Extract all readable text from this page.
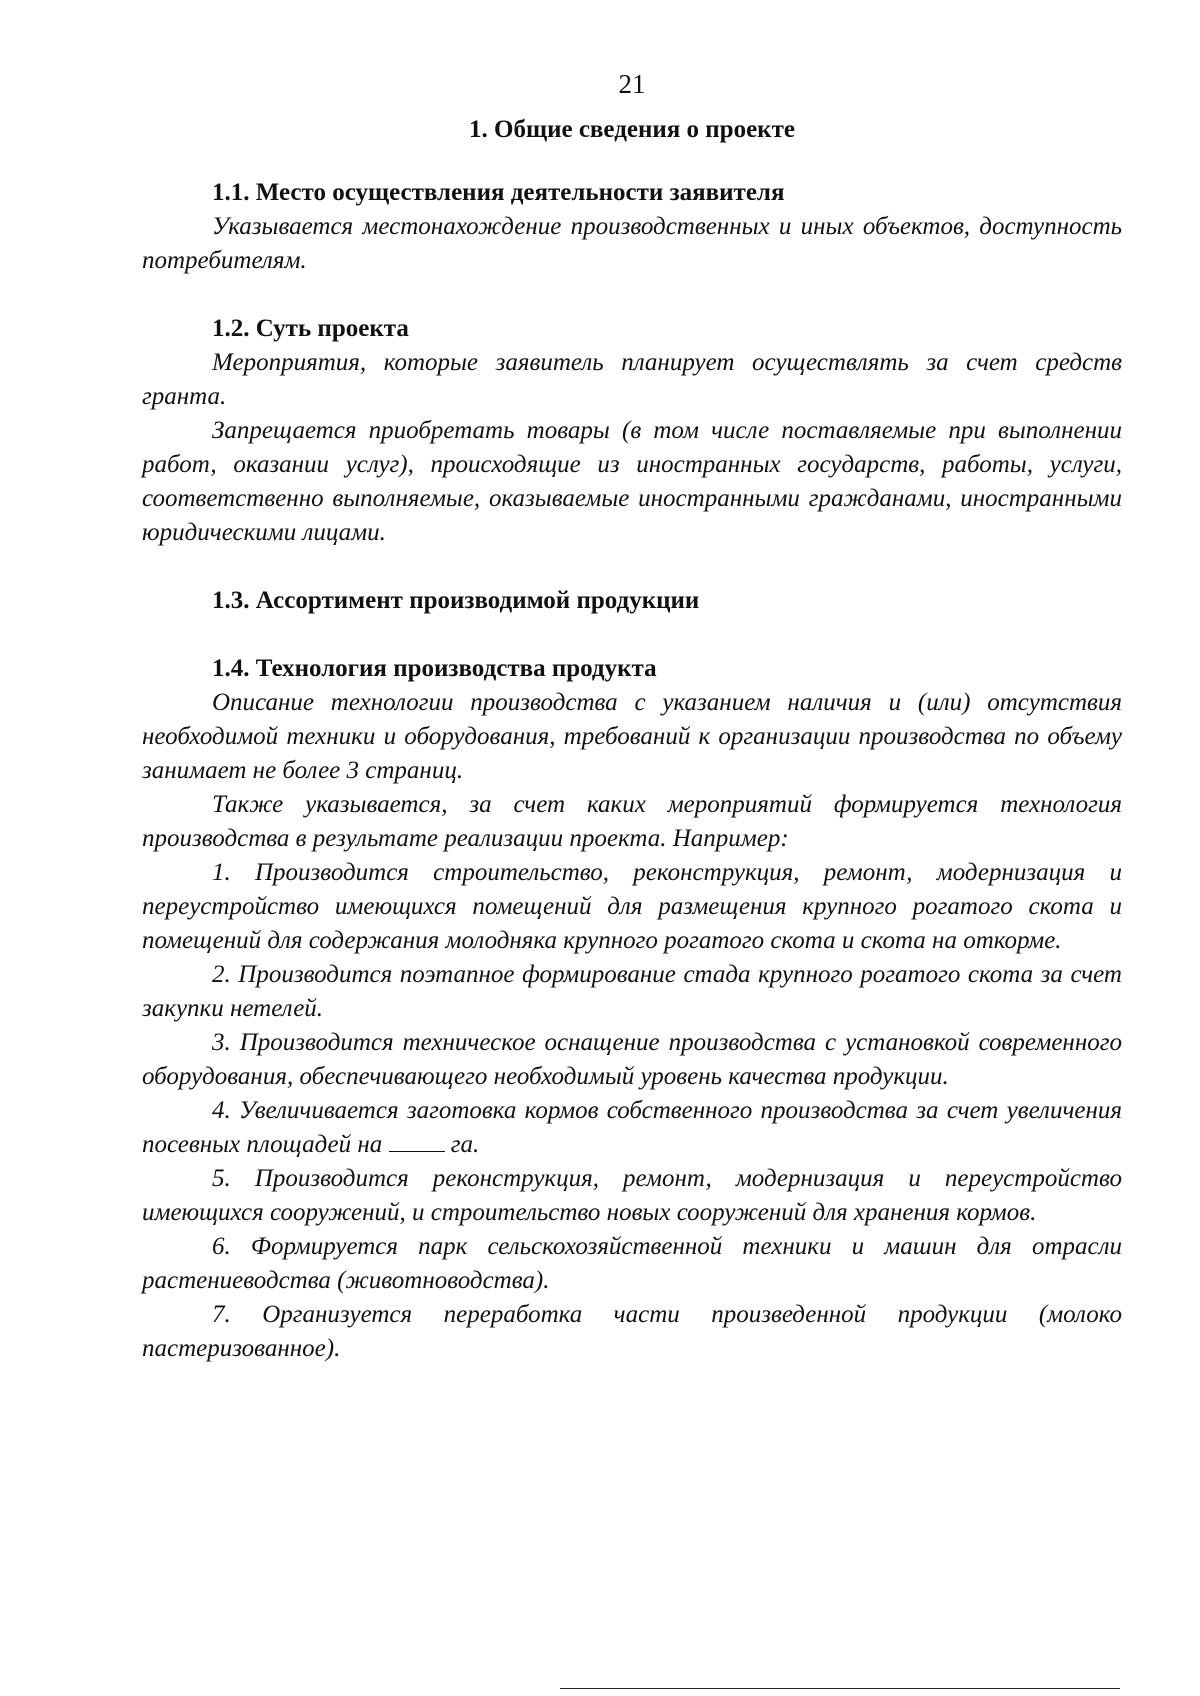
21
1. Общие сведения о проекте

1.1. Место осуществления деятельности заявителя

Указывается местонахождение производственных и иных объектов, доступность потребителям.

1.2. Суть проекта

Мероприятия, которые заявитель планирует осуществлять за счет средств гранта.

Запрещается приобретать товары (в том числе поставляемые при выполнении работ, оказании услуг), происходящие из иностранных государств, работы, услуги, соответственно выполняемые, оказываемые иностранными гражданами, иностранными юридическими лицами.

1.3. Ассортимент производимой продукции

1.4. Технология производства продукта

Описание технологии производства с указанием наличия и (или) отсутствия необходимой техники и оборудования, требований к организации производства по объему занимает не более 3 страниц.

Также указывается, за счет каких мероприятий формируется технология производства в результате реализации проекта. Например:

1. Производится строительство, реконструкция, ремонт, модернизация и переустройство имеющихся помещений для размещения крупного рогатого скота и помещений для содержания молодняка крупного рогатого скота и скота на откорме.

2. Производится поэтапное формирование стада крупного рогатого скота за счет закупки нетелей.

3. Производится техническое оснащение производства с установкой современного оборудования, обеспечивающего необходимый уровень качества продукции.

4. Увеличивается заготовка кормов собственного производства за счет увеличения посевных площадей на	га.

5. Производится реконструкция, ремонт, модернизация и переустройство имеющихся сооружений, и строительство новых сооружений для хранения кормов.

6. Формируется парк сельскохозяйственной техники и машин для отрасли растениеводства (животноводства).

7. Организуется переработка части произведенной продукции (молоко пастеризованное).
